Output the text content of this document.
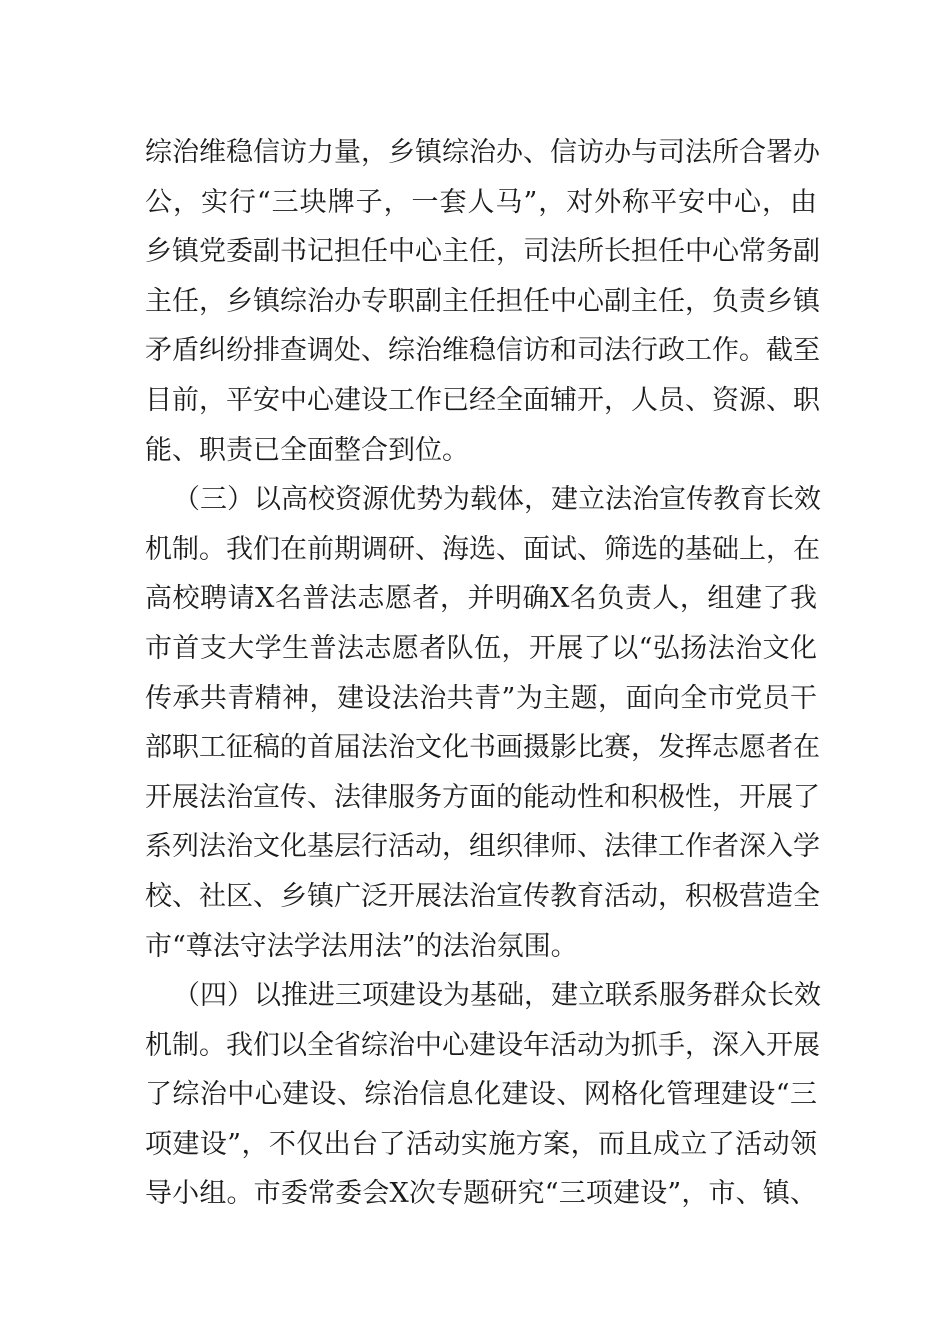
综治维稳信访力量，乡镇综治办、信访办与司法所合署办
公，实行“三块牌子，一套人马”，对外称平安中心，由
乡镇党委副书记担任中心主任，司法所长担任中心常务副
主任，乡镇综治办专职副主任担任中心副主任，负责乡镇
矛盾纠纷排查调处、综治维稳信访和司法行政工作。截至
目前，平安中心建设工作已经全面辅开，人员、资源、职
能、职责已全面整合到位。
（三）以高校资源优势为载体，建立法治宣传教育长效
机制。我们在前期调研、海选、面试、筛选的基础上，在
高校聘请X名普法志愿者，并明确X名负责人，组建了我
市首支大学生普法志愿者队伍，开展了以“弘扬法治文化
传承共青精神，建设法治共青”为主题，面向全市党员干
部职工征稿的首届法治文化书画摄影比赛，发挥志愿者在
开展法治宣传、法律服务方面的能动性和积极性，开展了
系列法治文化基层行活动，组织律师、法律工作者深入学
校、社区、乡镇广泛开展法治宣传教育活动，积极营造全
市“尊法守法学法用法”的法治氛围。
（四）以推进三项建设为基础，建立联系服务群众长效
机制。我们以全省综治中心建设年活动为抓手，深入开展
了综治中心建设、综治信息化建设、网格化管理建设“三
项建设”，不仅出台了活动实施方案，而且成立了活动领
导小组。市委常委会X次专题研究“三项建设”，市、镇、
